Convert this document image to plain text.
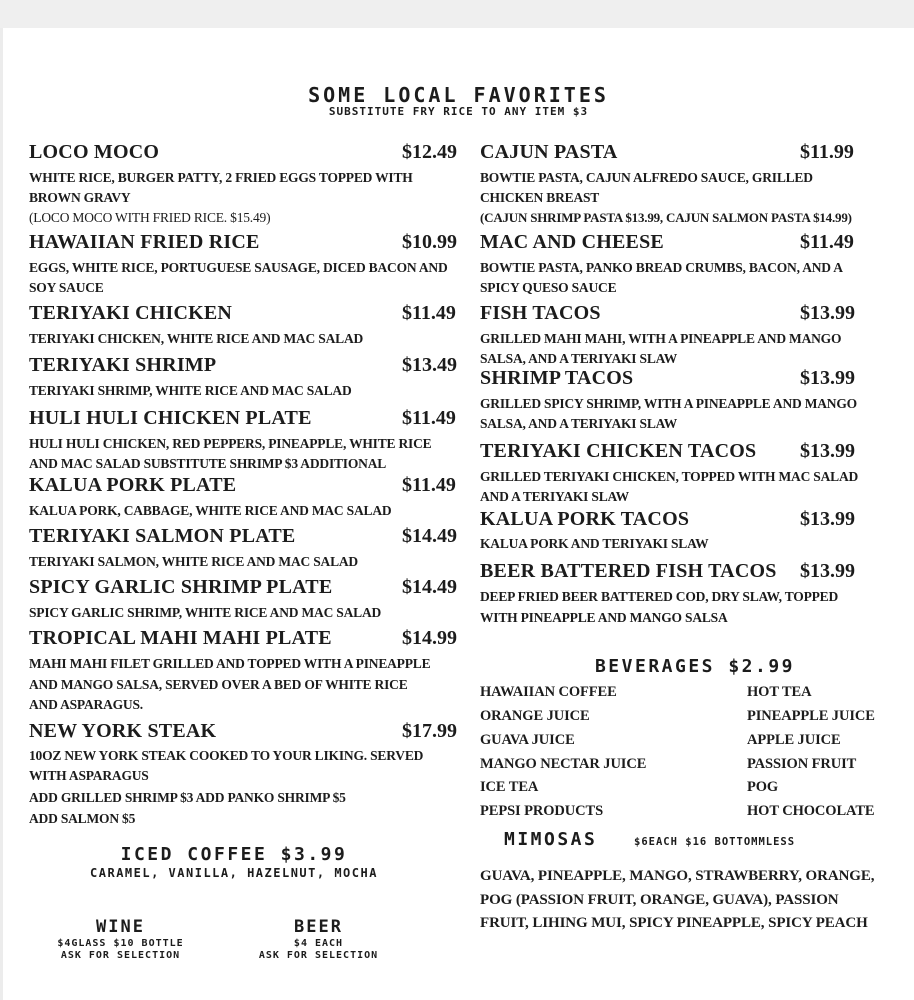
SOME LOCAL FAVORITES
SUBSTITUTE FRY RICE TO ANY ITEM $3
LOCO MOCO	$12.49
WHITE RICE, BURGER PATTY, 2 FRIED EGGS TOPPED WITH
BROWN GRAVY
(LOCO MOCO WITH FRIED RICE. $15.49)
HAWAIIAN FRIED RICE	$10.99
EGGS, WHITE RICE, PORTUGUESE SAUSAGE, DICED BACON AND
SOY SAUCE
TERIYAKI CHICKEN	$11.49
TERIYAKI CHICKEN, WHITE RICE AND MAC SALAD
TERIYAKI SHRIMP	$13.49
TERIYAKI SHRIMP, WHITE RICE AND MAC SALAD
HULI HULI CHICKEN PLATE	$11.49
HULI HULI CHICKEN, RED PEPPERS, PINEAPPLE, WHITE RICE
AND MAC SALAD SUBSTITUTE SHRIMP $3 ADDITIONAL
KALUA PORK PLATE	$11.49
KALUA PORK, CABBAGE, WHITE RICE AND MAC SALAD
TERIYAKI SALMON PLATE	$14.49
TERIYAKI SALMON, WHITE RICE AND MAC SALAD
SPICY GARLIC SHRIMP PLATE	$14.49
SPICY GARLIC SHRIMP, WHITE RICE AND MAC SALAD
TROPICAL MAHI MAHI PLATE	$14.99
MAHI MAHI FILET GRILLED AND TOPPED WITH A PINEAPPLE
AND MANGO SALSA, SERVED OVER A BED OF WHITE RICE
AND ASPARAGUS.
NEW YORK STEAK	$17.99
10OZ NEW YORK STEAK COOKED TO YOUR LIKING. SERVED
WITH ASPARAGUS
ADD GRILLED SHRIMP $3 ADD PANKO SHRIMP $5
ADD SALMON $5
ICED COFFEE $3.99
CARAMEL, VANILLA, HAZELNUT, MOCHA
WINE
$4GLASS $10 BOTTLE
ASK FOR SELECTION
BEER
$4 EACH
ASK FOR SELECTION
CAJUN PASTA	$11.99
BOWTIE PASTA, CAJUN ALFREDO SAUCE, GRILLED
CHICKEN BREAST
(CAJUN SHRIMP PASTA $13.99, CAJUN SALMON PASTA $14.99)
MAC AND CHEESE	$11.49
BOWTIE PASTA, PANKO BREAD CRUMBS, BACON, AND A
SPICY QUESO SAUCE
FISH TACOS	$13.99
GRILLED MAHI MAHI, WITH A PINEAPPLE AND MANGO
SALSA, AND A TERIYAKI SLAW
SHRIMP TACOS	$13.99
GRILLED SPICY SHRIMP, WITH A PINEAPPLE AND MANGO
SALSA, AND A TERIYAKI SLAW
TERIYAKI CHICKEN TACOS $13.99
GRILLED TERIYAKI CHICKEN, TOPPED WITH MAC SALAD
AND A TERIYAKI SLAW
KALUA PORK TACOS	$13.99
KALUA PORK AND TERIYAKI SLAW
BEER BATTERED FISH TACOS $13.99
DEEP FRIED BEER BATTERED COD, DRY SLAW, TOPPED
WITH PINEAPPLE AND MANGO SALSA
BEVERAGES $2.99
HAWAIIAN COFFEE
ORANGE JUICE
GUAVA JUICE
MANGO NECTAR JUICE
ICE TEA
PEPSI PRODUCTS
HOT TEA
PINEAPPLE JUICE
APPLE JUICE
PASSION FRUIT
POG
HOT CHOCOLATE
MIMOSAS	$6EACH $16 BOTTOMMLESS
GUAVA, PINEAPPLE, MANGO, STRAWBERRY, ORANGE,
POG (PASSION FRUIT, ORANGE, GUAVA), PASSION
FRUIT, LIHING MUI, SPICY PINEAPPLE, SPICY PEACH
